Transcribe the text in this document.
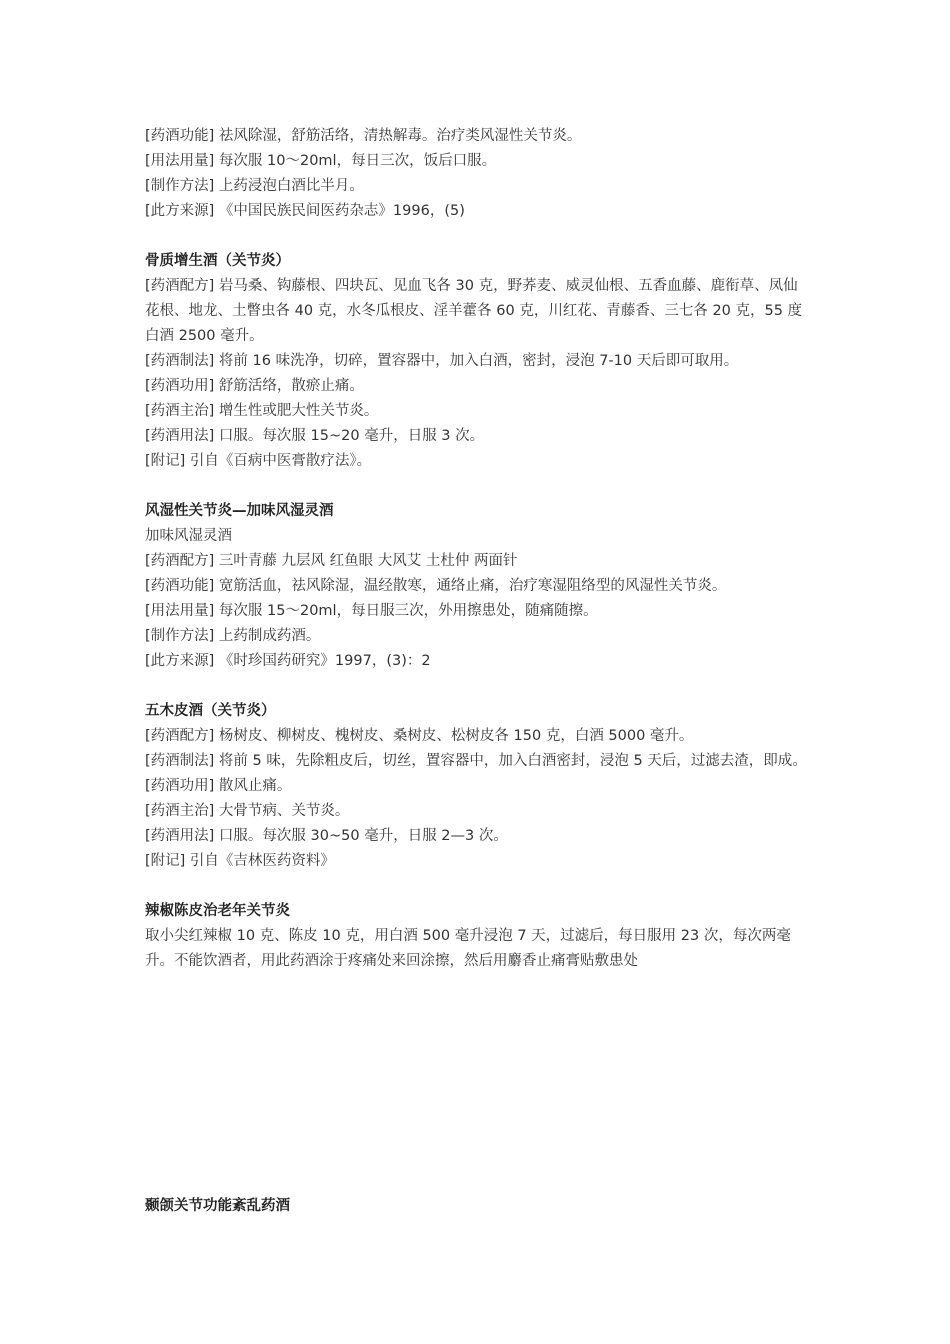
[药酒功能] 祛风除湿，舒筋活络，清热解毒。治疗类风湿性关节炎。

[用法用量] 每次服 10～20ml，每日三次，饭后口服。

[制作方法] 上药浸泡白酒比半月。

[此方来源] 《中国民族民间医药杂志》1996，(5)

骨质增生酒（关节炎）

[药酒配方] 岩马桑、钩藤根、四块瓦、见血飞各 30 克，野荞麦、威灵仙根、五香血藤、鹿衔草、凤仙花根、地龙、土瞥虫各 40 克，水冬瓜根皮、淫羊藿各 60 克，川红花、青藤香、三七各 20 克，55 度白酒 2500 毫升。

[药酒制法] 将前 16 味洗净，切碎，置容器中，加入白酒，密封，浸泡 7-10 天后即可取用。

[药酒功用] 舒筋活络，散瘀止痛。

[药酒主治] 增生性或肥大性关节炎。

[药酒用法] 口服。每次服 15~20 毫升，日服 3 次。

[附记] 引自《百病中医膏散疗法》。

风湿性关节炎—加味风湿灵酒

加味风湿灵酒

[药酒配方] 三叶青藤 九层风 红鱼眼 大风艾 土杜仲 两面针

[药酒功能] 宽筋活血，祛风除湿，温经散寒，通络止痛，治疗寒湿阻络型的风湿性关节炎。

[用法用量] 每次服 15～20ml，每日服三次，外用擦患处，随痛随擦。

[制作方法] 上药制成药酒。

[此方来源] 《时珍国药研究》1997，(3)：2

五木皮酒（关节炎）

[药酒配方] 杨树皮、柳树皮、槐树皮、桑树皮、松树皮各 150 克，白酒 5000 毫升。

[药酒制法] 将前 5 味，先除粗皮后，切丝，置容器中，加入白酒密封，浸泡 5 天后，过滤去渣，即成。

[药酒功用] 散风止痛。

[药酒主治] 大骨节病、关节炎。

[药酒用法] 口服。每次服 30~50 毫升，日服 2—3 次。

[附记] 引自《吉林医药资料》

辣椒陈皮治老年关节炎

取小尖红辣椒 10 克、陈皮 10 克，用白酒 500 毫升浸泡 7 天，过滤后，每日服用 23 次，每次两毫升。不能饮酒者，用此药酒涂于疼痛处来回涂擦，然后用麝香止痛膏贴敷患处

颞颌关节功能紊乱药酒
